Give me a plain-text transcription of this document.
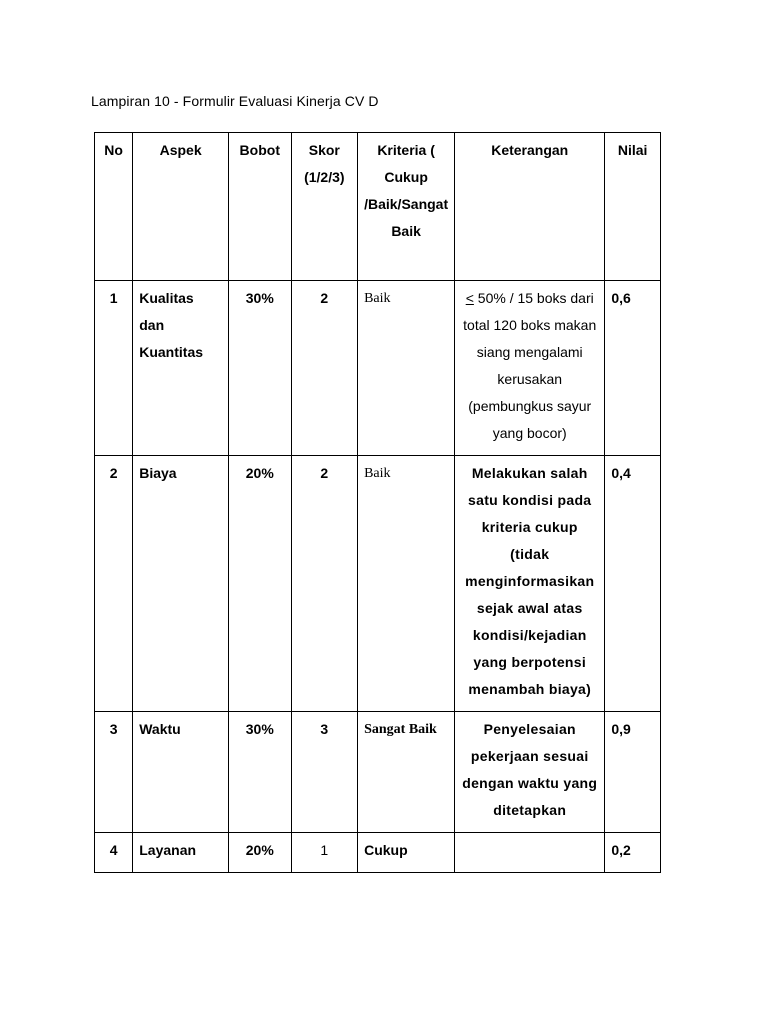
Lampiran 10 - Formulir Evaluasi Kinerja CV D
No	Aspek	Bobot	Skor (1/2/3)	Kriteria ( Cukup /Baik/Sangat Baik	Keterangan	Nilai
1	Kualitas dan Kuantitas	30%	2	Baik	≤ 50% / 15 boks dari total 120 boks makan siang mengalami kerusakan (pembungkus sayur yang bocor)	0,6
2	Biaya	20%	2	Baik	Melakukan salah satu kondisi pada kriteria cukup (tidak menginformasikan sejak awal atas kondisi/kejadian yang berpotensi menambah biaya)	0,4
3	Waktu	30%	3	Sangat Baik	Penyelesaian pekerjaan sesuai dengan waktu yang ditetapkan	0,9
4	Layanan	20%	1	Cukup		0,2
